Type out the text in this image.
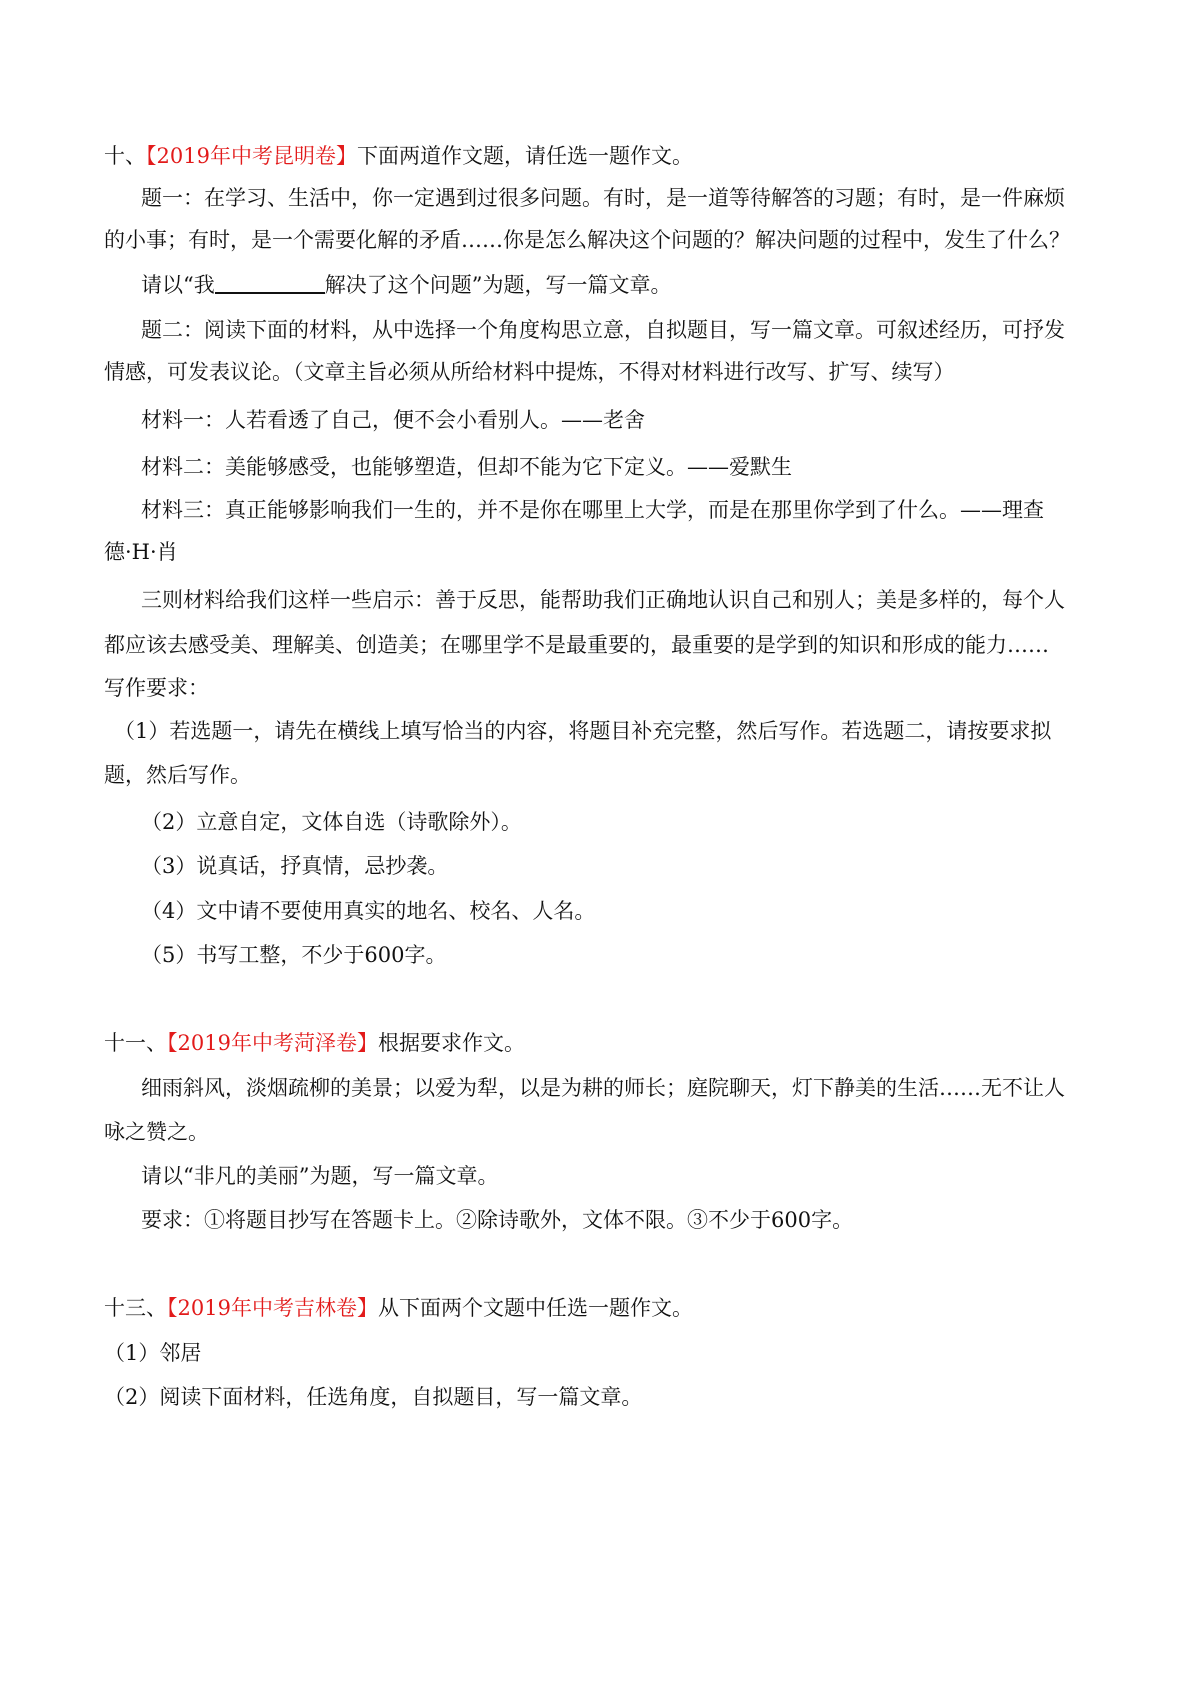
十、【2019年中考昆明卷】下面两道作文题，请任选一题作文。
题一：在学习、生活中，你一定遇到过很多问题。有时，是一道等待解答的习题；有时，是一件麻烦
的小事；有时，是一个需要化解的矛盾……你是怎么解决这个问题的？解决问题的过程中，发生了什么？
请以“我	解决了这个问题”为题，写一篇文章。
题二：阅读下面的材料，从中选择一个角度构思立意，自拟题目，写一篇文章。可叙述经历，可抒发
情感，可发表议论。（文章主旨必须从所给材料中提炼，不得对材料进行改写、扩写、续写）
材料一：人若看透了自己，便不会小看别人。——老舍
材料二：美能够感受，也能够塑造，但却不能为它下定义。——爱默生
材料三：真正能够影响我们一生的，并不是你在哪里上大学，而是在那里你学到了什么。——理查
德·H·肖
三则材料给我们这样一些启示：善于反思，能帮助我们正确地认识自己和别人；美是多样的，每个人
都应该去感受美、理解美、创造美；在哪里学不是最重要的，最重要的是学到的知识和形成的能力……
写作要求：
（1）若选题一，请先在横线上填写恰当的内容，将题目补充完整，然后写作。若选题二，请按要求拟
题，然后写作。
（2）立意自定，文体自选（诗歌除外）。
（3）说真话，抒真情，忌抄袭。
（4）文中请不要使用真实的地名、校名、人名。
（5）书写工整，不少于600字。
十一、【2019年中考菏泽卷】根据要求作文。
细雨斜风，淡烟疏柳的美景；以爱为犁，以是为耕的师长；庭院聊天，灯下静美的生活……无不让人
咏之赞之。
请以“非凡的美丽”为题，写一篇文章。
要求：①将题目抄写在答题卡上。②除诗歌外，文体不限。③不少于600字。
十三、【2019年中考吉林卷】从下面两个文题中任选一题作文。
（1）邻居
（2）阅读下面材料，任选角度，自拟题目，写一篇文章。
